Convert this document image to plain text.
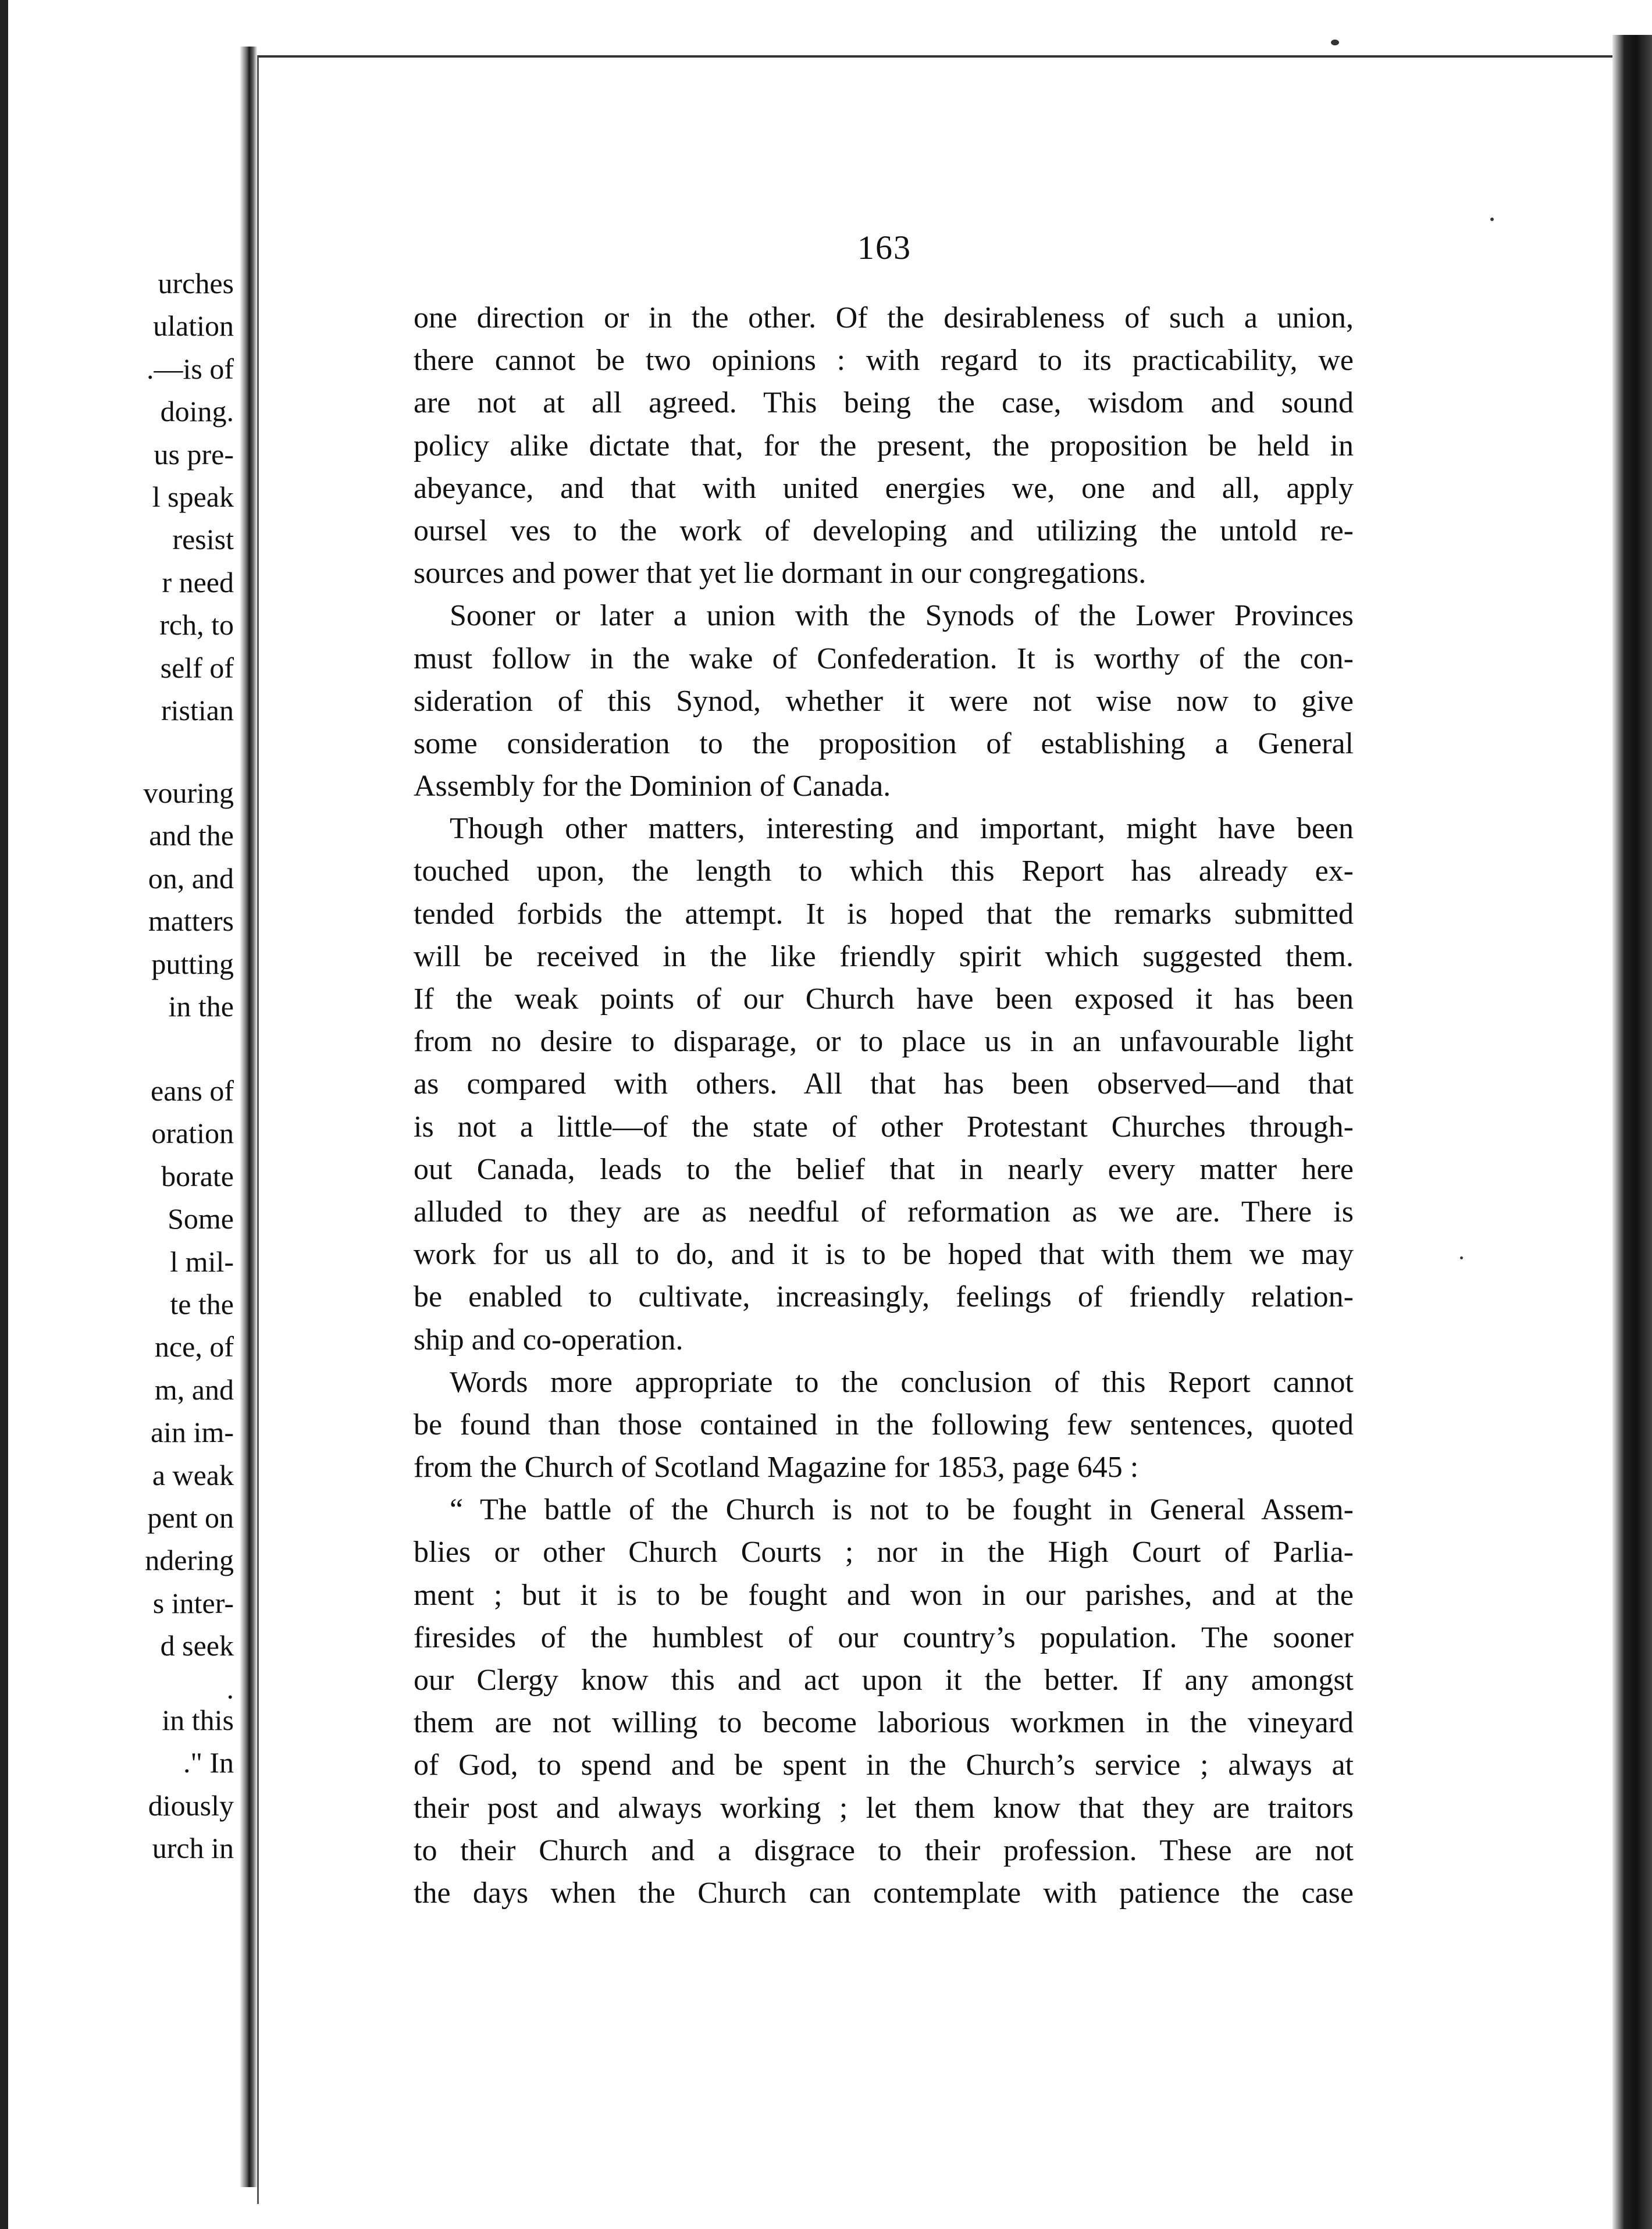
urches
ulation
.—is of
doing.
us pre-
l speak
resist
r need
rch, to
self of
ristian
vouring
and the
on, and
matters
putting
in the
eans of
oration
borate
Some
l mil-
te the
nce, of
m, and
ain im-
a weak
pent on
ndering
s inter-
d seek
.
in this
." In
diously
urch in
163
one direction or in the other. Of the desirableness of such a union,
there cannot be two opinions : with regard to its practicability, we
are not at all agreed. This being the case, wisdom and sound
policy alike dictate that, for the present, the proposition be held in
abeyance, and that with united energies we, one and all, apply
oursel ves to the work of developing and utilizing the untold re-
sources and power that yet lie dormant in our congregations.
Sooner or later a union with the Synods of the Lower Provinces
must follow in the wake of Confederation. It is worthy of the con-
sideration of this Synod, whether it were not wise now to give
some consideration to the proposition of establishing a General
Assembly for the Dominion of Canada.
Though other matters, interesting and important, might have been
touched upon, the length to which this Report has already ex-
tended forbids the attempt. It is hoped that the remarks submitted
will be received in the like friendly spirit which suggested them.
If the weak points of our Church have been exposed it has been
from no desire to disparage, or to place us in an unfavourable light
as compared with others. All that has been observed—and that
is not a little—of the state of other Protestant Churches through-
out Canada, leads to the belief that in nearly every matter here
alluded to they are as needful of reformation as we are. There is
work for us all to do, and it is to be hoped that with them we may
be enabled to cultivate, increasingly, feelings of friendly relation-
ship and co-operation.
Words more appropriate to the conclusion of this Report cannot
be found than those contained in the following few sentences, quoted
from the Church of Scotland Magazine for 1853, page 645 :
“ The battle of the Church is not to be fought in General Assem-
blies or other Church Courts ; nor in the High Court of Parlia-
ment ; but it is to be fought and won in our parishes, and at the
firesides of the humblest of our country’s population. The sooner
our Clergy know this and act upon it the better. If any amongst
them are not willing to become laborious workmen in the vineyard
of God, to spend and be spent in the Church’s service ; always at
their post and always working ; let them know that they are traitors
to their Church and a disgrace to their profession. These are not
the days when the Church can contemplate with patience the case
